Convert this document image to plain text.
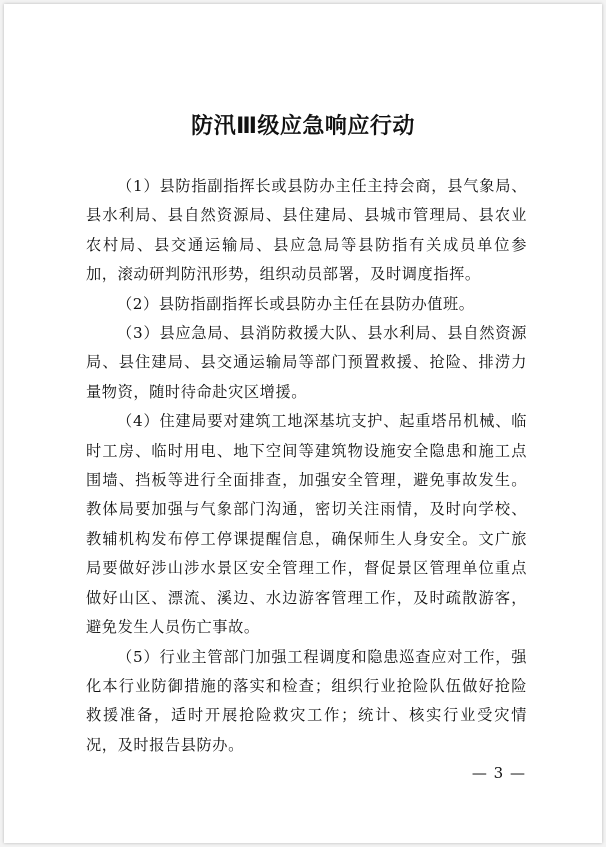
防汛Ⅲ级应急响应行动

（1）县防指副指挥长或县防办主任主持会商，县气象局、县水利局、县自然资源局、县住建局、县城市管理局、县农业农村局、县交通运输局、县应急局等县防指有关成员单位参加，滚动研判防汛形势，组织动员部署，及时调度指挥。

（2）县防指副指挥长或县防办主任在县防办值班。

（3）县应急局、县消防救援大队、县水利局、县自然资源局、县住建局、县交通运输局等部门预置救援、抢险、排涝力量物资，随时待命赴灾区增援。

（4）住建局要对建筑工地深基坑支护、起重塔吊机械、临时工房、临时用电、地下空间等建筑物设施安全隐患和施工点围墙、挡板等进行全面排查，加强安全管理，避免事故发生。教体局要加强与气象部门沟通，密切关注雨情，及时向学校、教辅机构发布停工停课提醒信息，确保师生人身安全。文广旅局要做好涉山涉水景区安全管理工作，督促景区管理单位重点做好山区、漂流、溪边、水边游客管理工作，及时疏散游客，避免发生人员伤亡事故。

（5）行业主管部门加强工程调度和隐患巡查应对工作，强化本行业防御措施的落实和检查；组织行业抢险队伍做好抢险救援准备，适时开展抢险救灾工作；统计、核实行业受灾情况，及时报告县防办。

— 3 —
